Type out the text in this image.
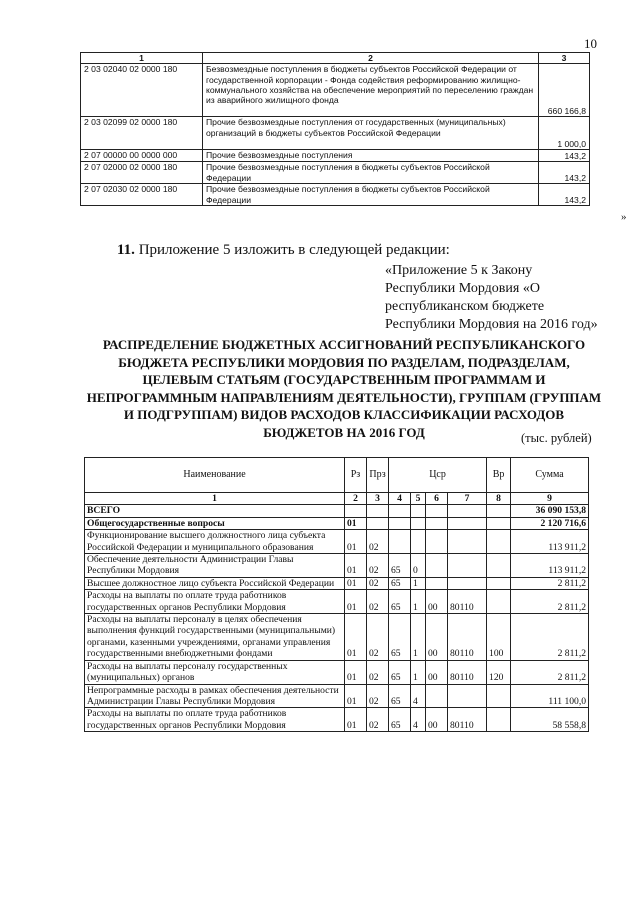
10
1	2	3
2 03 02040 02 0000 180	Безвозмездные поступления в бюджеты субъектов Российской Федерации от государственной корпорации - Фонда содействия реформированию жилищно-коммунального хозяйства на обеспечение мероприятий по переселению граждан из аварийного жилищного фонда	660 166,8
2 03 02099 02 0000 180	Прочие безвозмездные поступления от государственных (муниципальных) организаций в бюджеты субъектов Российской Федерации	1 000,0
2 07 00000 00 0000 000	Прочие безвозмездные поступления	143,2
2 07 02000 02 0000 180	Прочие безвозмездные поступления в бюджеты субъектов Российской Федерации	143,2
2 07 02030 02 0000 180	Прочие безвозмездные поступления в бюджеты субъектов Российской Федерации	143,2
»
11. Приложение 5 изложить в следующей редакции:
«Приложение 5 к Закону Республики Мордовия «О республиканском бюджете Республики Мордовия на 2016 год»
РАСПРЕДЕЛЕНИЕ БЮДЖЕТНЫХ АССИГНОВАНИЙ РЕСПУБЛИКАНСКОГО БЮДЖЕТА РЕСПУБЛИКИ МОРДОВИЯ ПО РАЗДЕЛАМ, ПОДРАЗДЕЛАМ, ЦЕЛЕВЫМ СТАТЬЯМ (ГОСУДАРСТВЕННЫМ ПРОГРАММАМ И НЕПРОГРАММНЫМ НАПРАВЛЕНИЯМ ДЕЯТЕЛЬНОСТИ), ГРУППАМ (ГРУППАМ И ПОДГРУППАМ) ВИДОВ РАСХОДОВ КЛАССИФИКАЦИИ РАСХОДОВ БЮДЖЕТОВ НА 2016 ГОД	(тыс. рублей)
Наименование	Рз	Прз	Цср				Вр	Сумма
1	2	3	4	5	6	7	8	9
ВСЕГО								36 090 153,8
Общегосударственные вопросы	01							2 120 716,6
Функционирование высшего должностного лица субъекта Российской Федерации и муниципального образования	01	02						113 911,2
Обеспечение деятельности Администрации Главы Республики Мордовия	01	02	65	0				113 911,2
Высшее должностное лицо субъекта Российской Федерации	01	02	65	1				2 811,2
Расходы на выплаты по оплате труда работников государственных органов Республики Мордовия	01	02	65	1	00	80110		2 811,2
Расходы на выплаты персоналу в целях обеспечения выполнения функций государственными (муниципальными) органами, казенными учреждениями, органами управления государственными внебюджетными фондами	01	02	65	1	00	80110	100	2 811,2
Расходы на выплаты персоналу государственных (муниципальных) органов	01	02	65	1	00	80110	120	2 811,2
Непрограммные расходы в рамках обеспечения деятельности Администрации Главы Республики Мордовия	01	02	65	4				111 100,0
Расходы на выплаты по оплате труда работников государственных органов Республики Мордовия	01	02	65	4	00	80110		58 558,8
